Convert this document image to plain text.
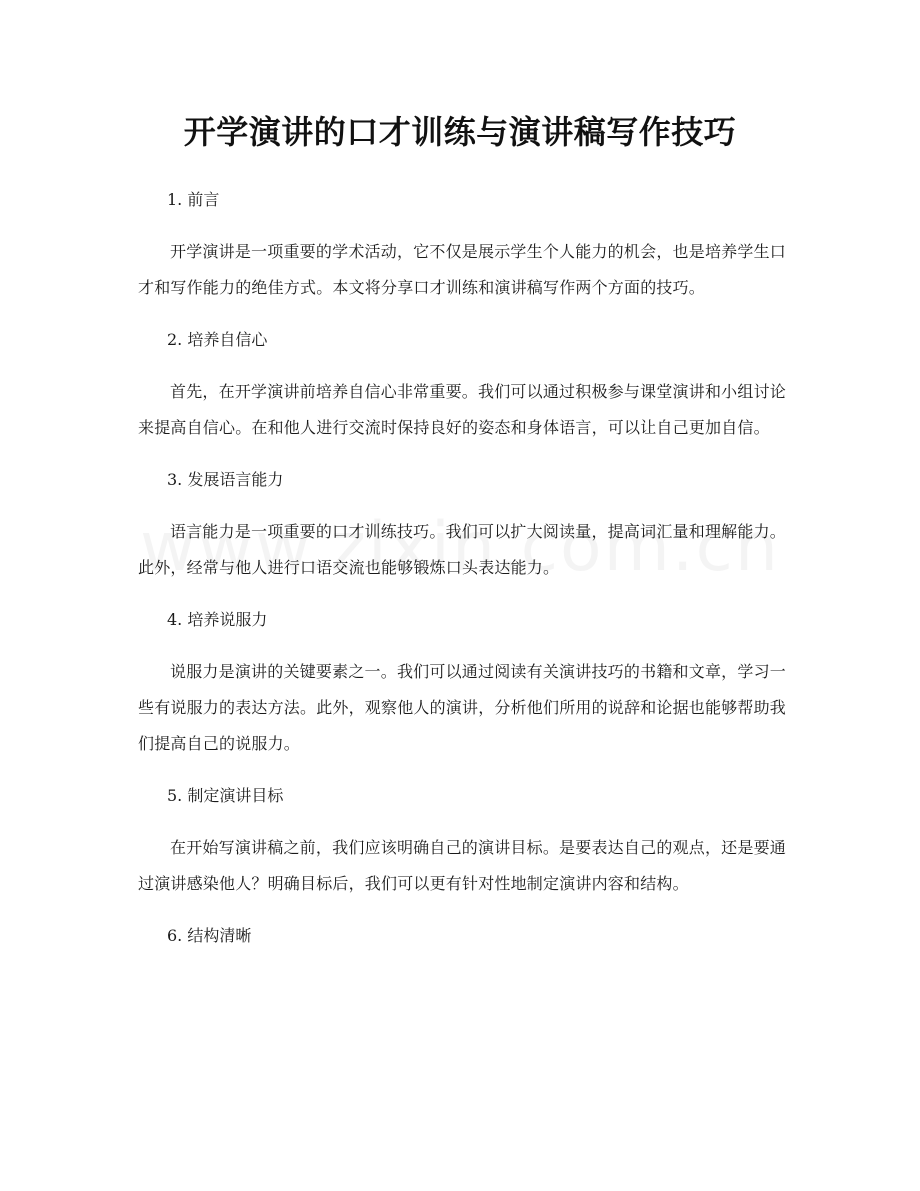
开学演讲的口才训练与演讲稿写作技巧

1. 前言

开学演讲是一项重要的学术活动，它不仅是展示学生个人能力的机会，也是培养学生口才和写作能力的绝佳方式。本文将分享口才训练和演讲稿写作两个方面的技巧。

2. 培养自信心

首先，在开学演讲前培养自信心非常重要。我们可以通过积极参与课堂演讲和小组讨论来提高自信心。在和他人进行交流时保持良好的姿态和身体语言，可以让自己更加自信。

3. 发展语言能力

语言能力是一项重要的口才训练技巧。我们可以扩大阅读量，提高词汇量和理解能力。此外，经常与他人进行口语交流也能够锻炼口头表达能力。

4. 培养说服力

说服力是演讲的关键要素之一。我们可以通过阅读有关演讲技巧的书籍和文章，学习一些有说服力的表达方法。此外，观察他人的演讲，分析他们所用的说辞和论据也能够帮助我们提高自己的说服力。

5. 制定演讲目标

在开始写演讲稿之前，我们应该明确自己的演讲目标。是要表达自己的观点，还是要通过演讲感染他人？明确目标后，我们可以更有针对性地制定演讲内容和结构。

6. 结构清晰
